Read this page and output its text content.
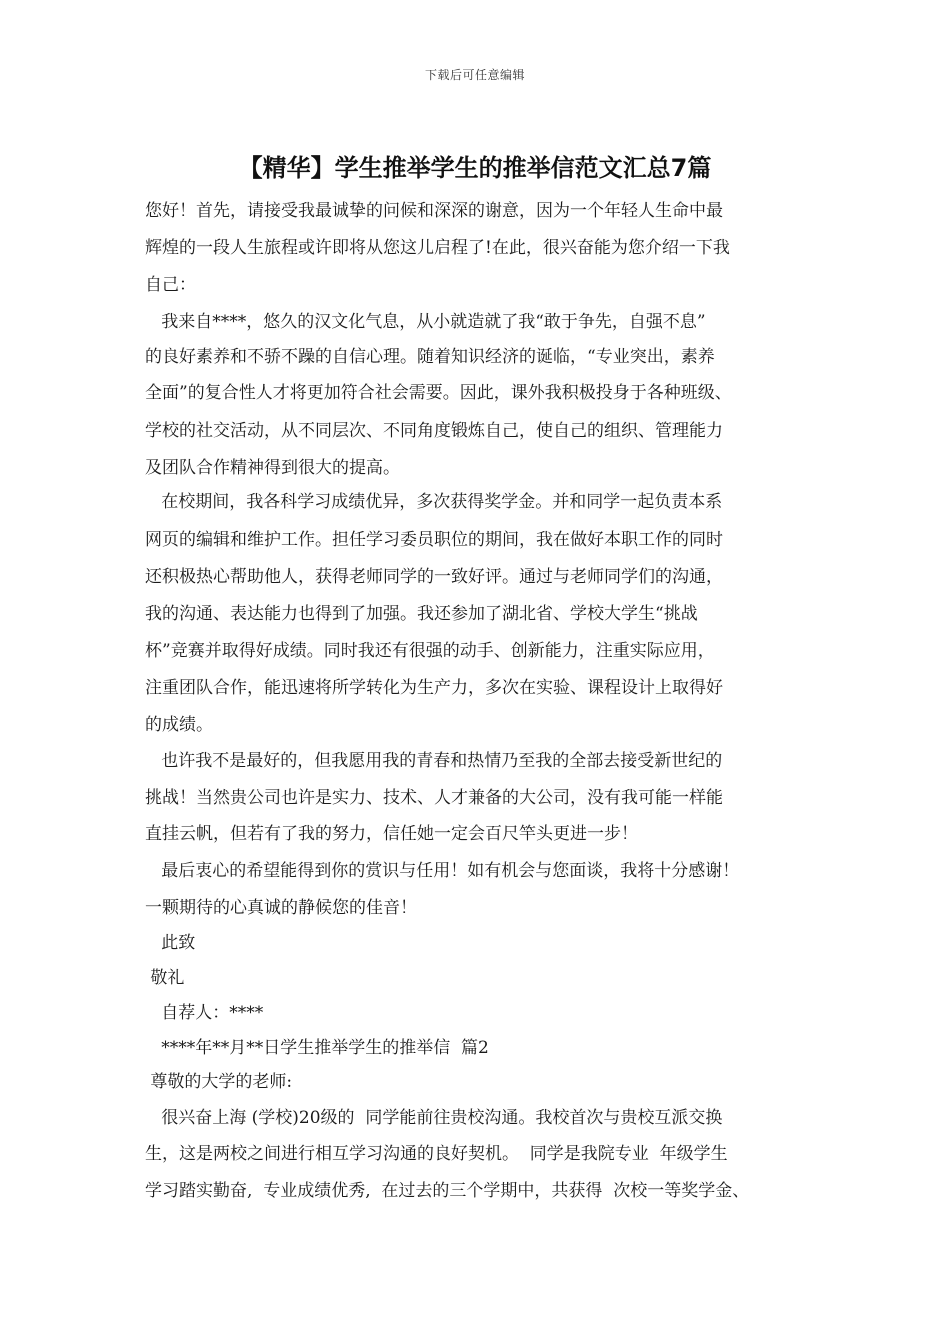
下载后可任意编辑
【精华】学生推举学生的推举信范文汇总7篇

您好！首先，请接受我最诚挚的问候和深深的谢意，因为一个年轻人生命中最

辉煌的一段人生旅程或许即将从您这儿启程了!在此，很兴奋能为您介绍一下我

自己：

我来自****，悠久的汉文化气息，从小就造就了我“敢于争先，自强不息”

的良好素养和不骄不躁的自信心理。随着知识经济的诞临，“专业突出，素养

全面”的复合性人才将更加符合社会需要。因此，课外我积极投身于各种班级、

学校的社交活动，从不同层次、不同角度锻炼自己，使自己的组织、管理能力

及团队合作精神得到很大的提高。

在校期间，我各科学习成绩优异，多次获得奖学金。并和同学一起负责本系

网页的编辑和维护工作。担任学习委员职位的期间，我在做好本职工作的同时

还积极热心帮助他人，获得老师同学的一致好评。通过与老师同学们的沟通，

我的沟通、表达能力也得到了加强。我还参加了湖北省、学校大学生“挑战

杯”竞赛并取得好成绩。同时我还有很强的动手、创新能力，注重实际应用，

注重团队合作，能迅速将所学转化为生产力，多次在实验、课程设计上取得好

的成绩。

也许我不是最好的，但我愿用我的青春和热情乃至我的全部去接受新世纪的

挑战！当然贵公司也许是实力、技术、人才兼备的大公司，没有我可能一样能

直挂云帆，但若有了我的努力，信任她一定会百尺竿头更进一步！

最后衷心的希望能得到你的赏识与任用！如有机会与您面谈，我将十分感谢！

一颗期待的心真诚的静候您的佳音！

此致

敬礼

自荐人：****

****年**月**日学生推举学生的推举信  篇2

尊敬的大学的老师:

很兴奋上海 (学校)20级的  同学能前往贵校沟通。我校首次与贵校互派交换

生，这是两校之间进行相互学习沟通的良好契机。  同学是我院专业  年级学生

学习踏实勤奋,  专业成绩优秀,  在过去的三个学期中，共获得  次校一等奖学金、
